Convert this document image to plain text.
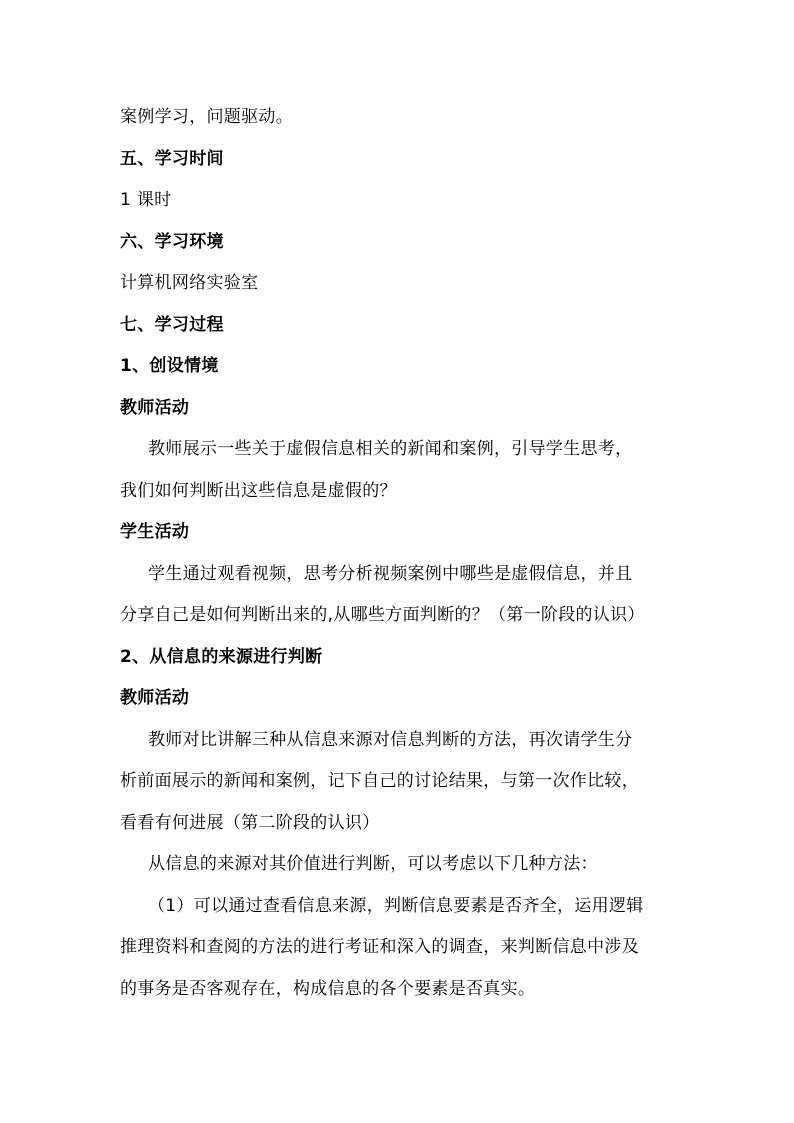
案例学习，问题驱动。
五、学习时间
1 课时
六、学习环境
计算机网络实验室
七、学习过程
1、创设情境
教师活动
教师展示一些关于虚假信息相关的新闻和案例，引导学生思考，
我们如何判断出这些信息是虚假的？
学生活动
学生通过观看视频，思考分析视频案例中哪些是虚假信息，并且
分享自己是如何判断出来的,从哪些方面判断的？（第一阶段的认识）
2、从信息的来源进行判断
教师活动
教师对比讲解三种从信息来源对信息判断的方法，再次请学生分
析前面展示的新闻和案例，记下自己的讨论结果，与第一次作比较，
看看有何进展（第二阶段的认识）
从信息的来源对其价值进行判断，可以考虑以下几种方法：
（1）可以通过查看信息来源，判断信息要素是否齐全，运用逻辑
推理资料和查阅的方法的进行考证和深入的调查，来判断信息中涉及
的事务是否客观存在，构成信息的各个要素是否真实。
